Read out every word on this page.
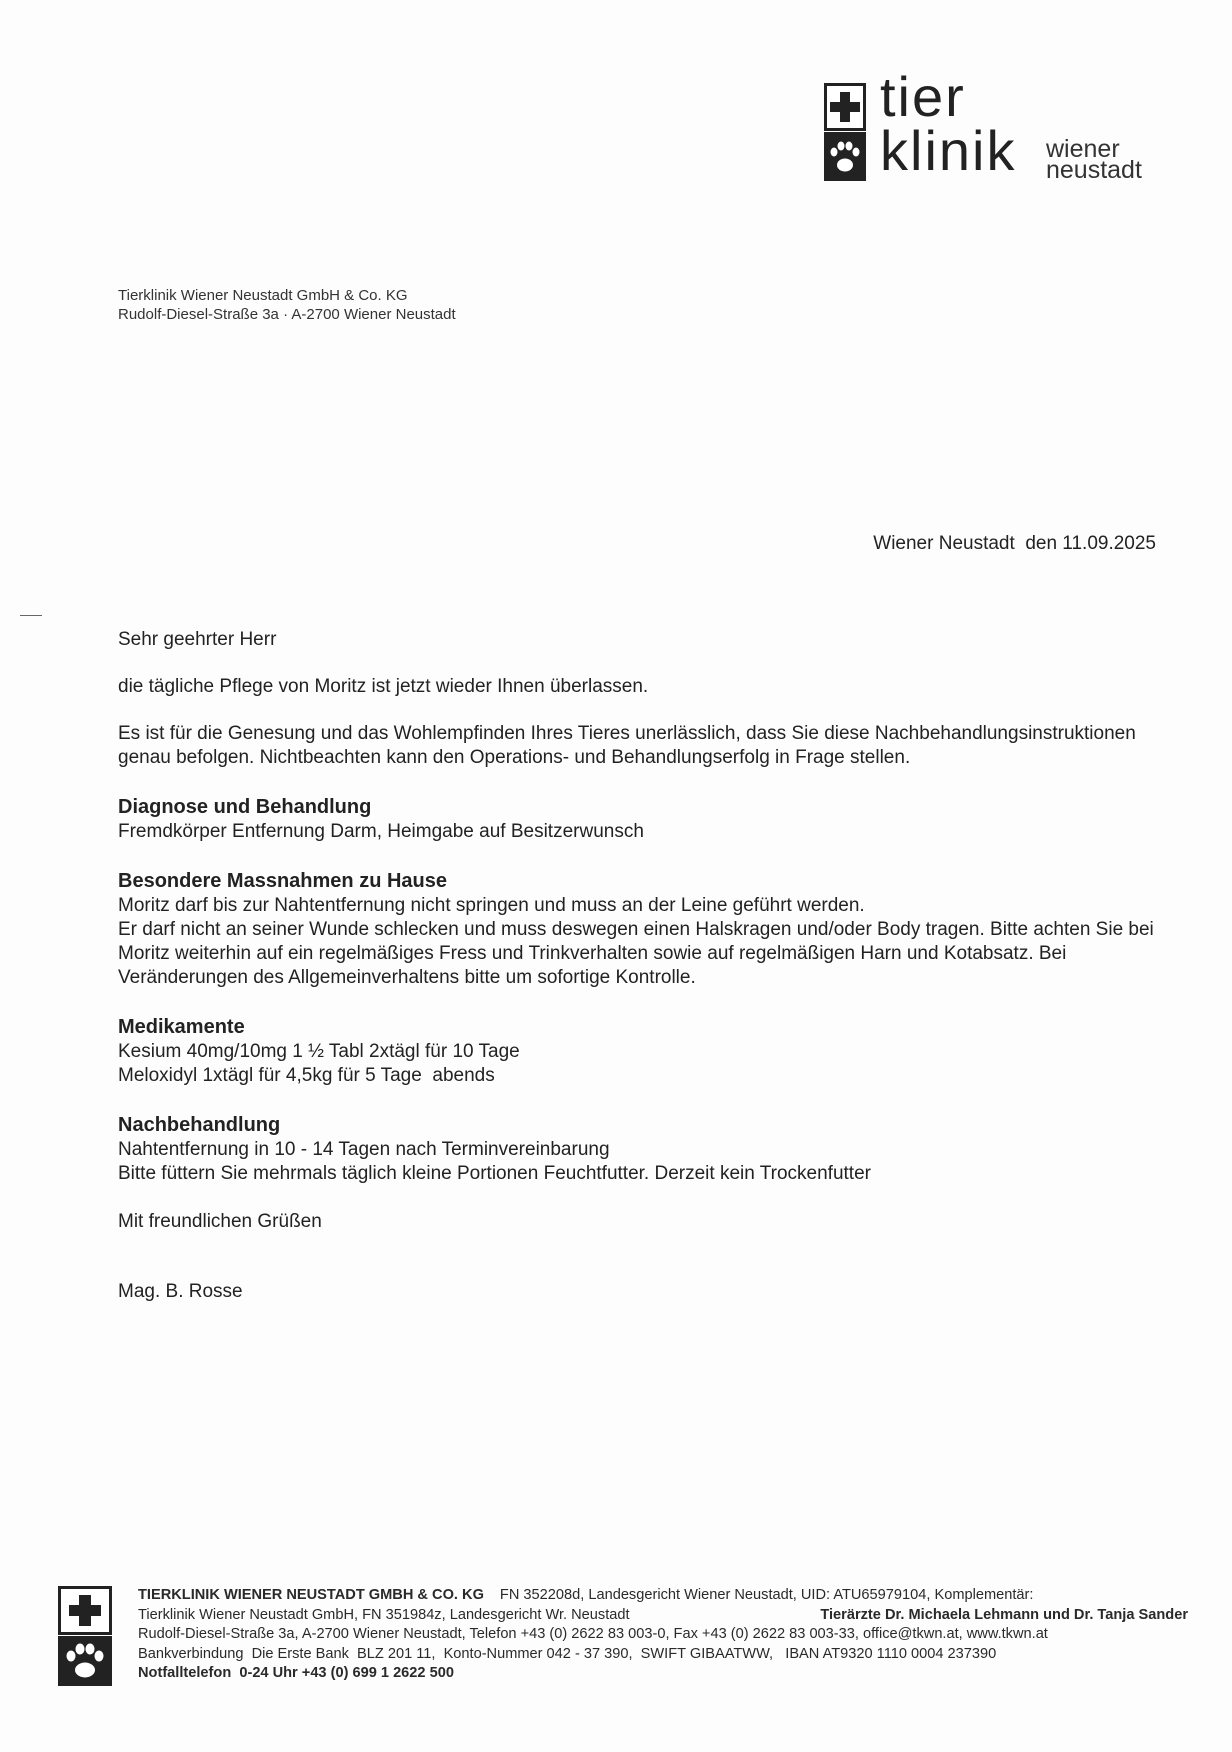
tier
klinik wiener
neustadt
Tierklinik Wiener Neustadt GmbH & Co. KG
Rudolf-Diesel-Straße 3a · A-2700 Wiener Neustadt
Wiener Neustadt  den 11.09.2025

Sehr geehrter Herr

die tägliche Pflege von Moritz ist jetzt wieder Ihnen überlassen.

Es ist für die Genesung und das Wohlempfinden Ihres Tieres unerlässlich, dass Sie diese Nachbehandlungsinstruktionen genau befolgen. Nichtbeachten kann den Operations- und Behandlungserfolg in Frage stellen.

Diagnose und Behandlung

Fremdkörper Entfernung Darm, Heimgabe auf Besitzerwunsch

Besondere Massnahmen zu Hause

Moritz darf bis zur Nahtentfernung nicht springen und muss an der Leine geführt werden.

Er darf nicht an seiner Wunde schlecken und muss deswegen einen Halskragen und/oder Body tragen. Bitte achten Sie bei Moritz weiterhin auf ein regelmäßiges Fress und Trinkverhalten sowie auf regelmäßigen Harn und Kotabsatz. Bei Veränderungen des Allgemeinverhaltens bitte um sofortige Kontrolle.

Medikamente

Kesium 40mg/10mg 1 ½ Tabl 2xtägl für 10 Tage

Meloxidyl 1xtägl für 4,5kg für 5 Tage  abends

Nachbehandlung

Nahtentfernung in 10 - 14 Tagen nach Terminvereinbarung

Bitte füttern Sie mehrmals täglich kleine Portionen Feuchtfutter. Derzeit kein Trockenfutter

Mit freundlichen Grüßen

Mag. B. Rosse

TIERKLINIK WIENER NEUSTADT GMBH & CO. KG FN 352208d, Landesgericht Wiener Neustadt, UID: ATU65979104, Komplementär:
Tierklinik Wiener Neustadt GmbH, FN 351984z, Landesgericht Wr. Neustadt	Tierärzte Dr. Michaela Lehmann und Dr. Tanja Sander
Rudolf-Diesel-Straße 3a, A-2700 Wiener Neustadt, Telefon +43 (0) 2622 83 003-0, Fax +43 (0) 2622 83 003-33, office@tkwn.at, www.tkwn.at
Bankverbindung  Die Erste Bank  BLZ 201 11,  Konto-Nummer 042 - 37 390,  SWIFT GIBAATWW,   IBAN AT9320 1110 0004 237390
Notfalltelefon  0-24 Uhr +43 (0) 699 1 2622 500
